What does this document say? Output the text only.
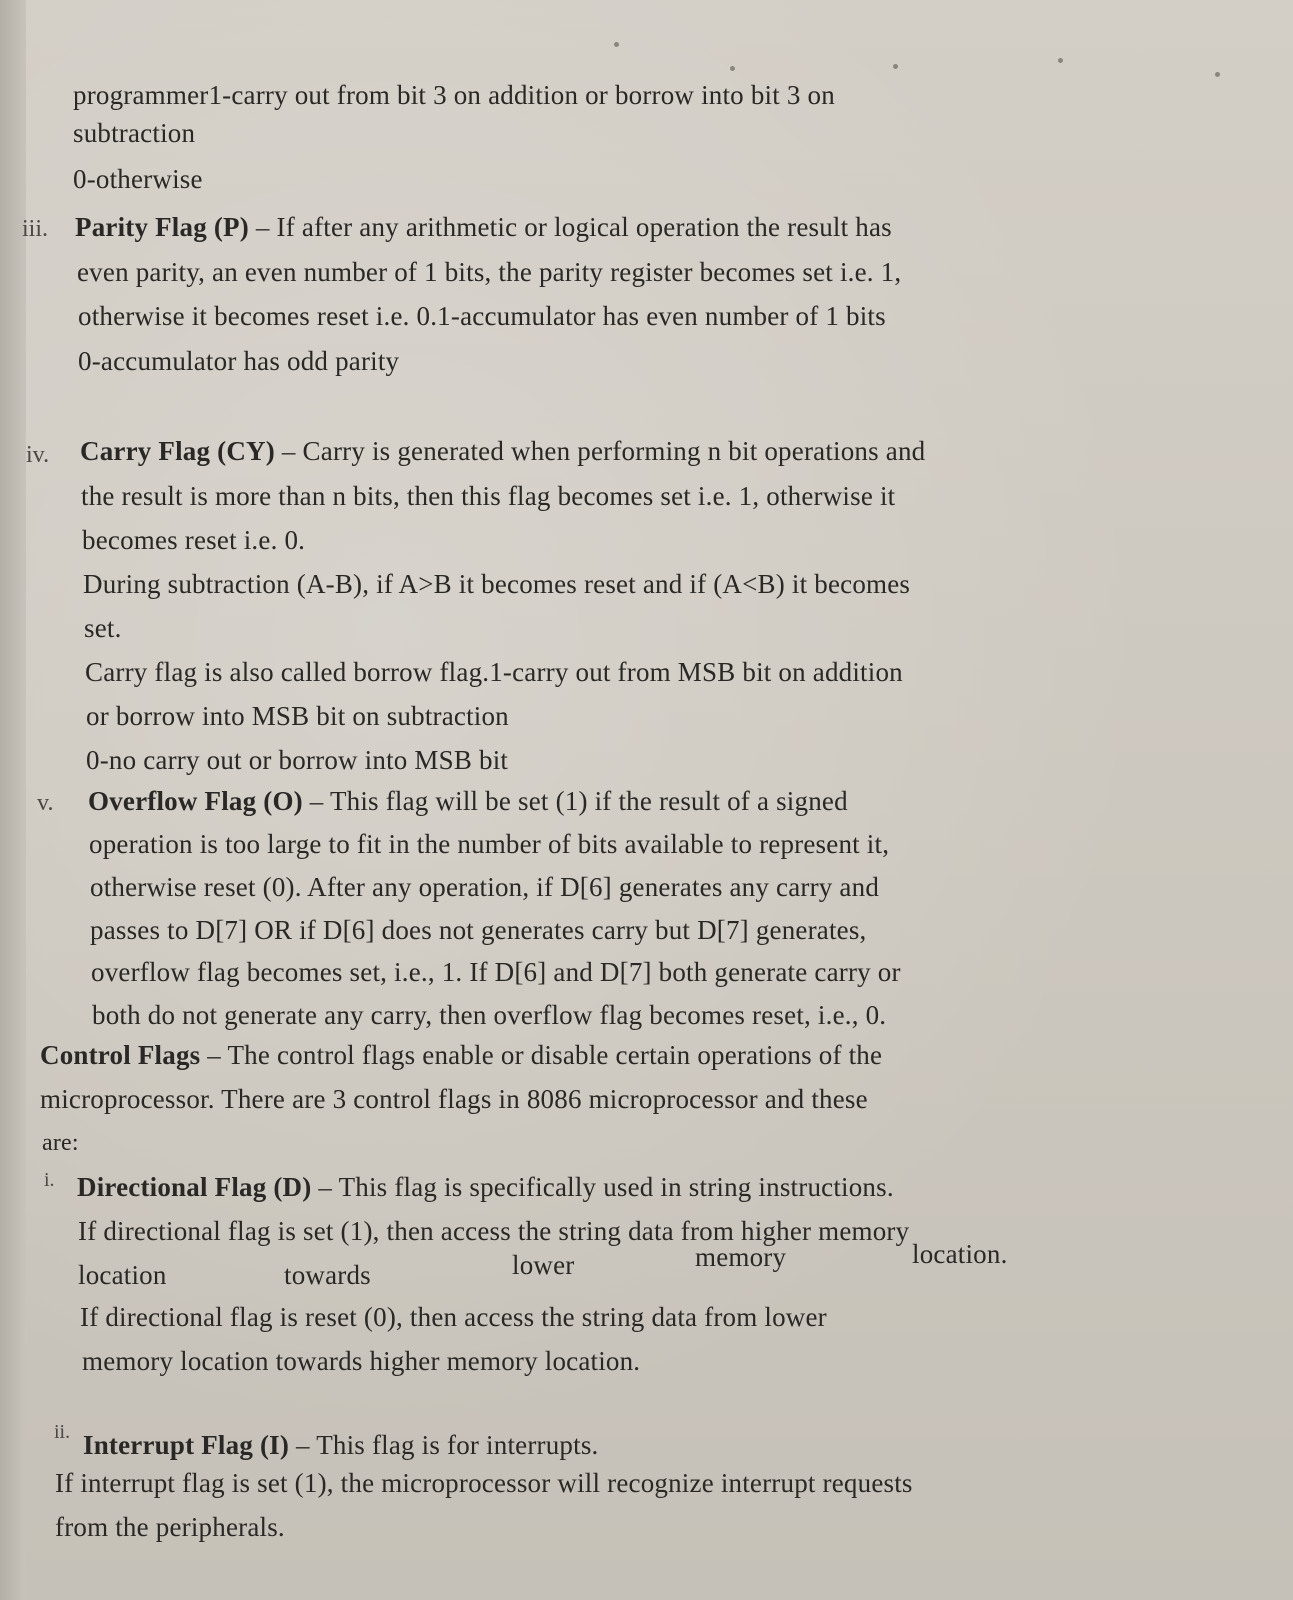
programmer1-carry out from bit 3 on addition or borrow into bit 3 on
subtraction
0-otherwise
iii. Parity Flag (P) – If after any arithmetic or logical operation the result has
even parity, an even number of 1 bits, the parity register becomes set i.e. 1,
otherwise it becomes reset i.e. 0.1-accumulator has even number of 1 bits
0-accumulator has odd parity
iv. Carry Flag (CY) – Carry is generated when performing n bit operations and
the result is more than n bits, then this flag becomes set i.e. 1, otherwise it
becomes reset i.e. 0.
During subtraction (A-B), if A>B it becomes reset and if (A<B) it becomes
set.
Carry flag is also called borrow flag.1-carry out from MSB bit on addition
or borrow into MSB bit on subtraction
0-no carry out or borrow into MSB bit
v. Overflow Flag (O) – This flag will be set (1) if the result of a signed
operation is too large to fit in the number of bits available to represent it,
otherwise reset (0). After any operation, if D[6] generates any carry and
passes to D[7] OR if D[6] does not generates carry but D[7] generates,
overflow flag becomes set, i.e., 1. If D[6] and D[7] both generate carry or
both do not generate any carry, then overflow flag becomes reset, i.e., 0.
Control Flags – The control flags enable or disable certain operations of the
microprocessor. There are 3 control flags in 8086 microprocessor and these
are:
i. Directional Flag (D) – This flag is specifically used in string instructions.
If directional flag is set (1), then access the string data from higher memory
location	towards	lower	memory	location.
If directional flag is reset (0), then access the string data from lower
memory location towards higher memory location.
ii. Interrupt Flag (I) – This flag is for interrupts.
If interrupt flag is set (1), the microprocessor will recognize interrupt requests
from the peripherals.
